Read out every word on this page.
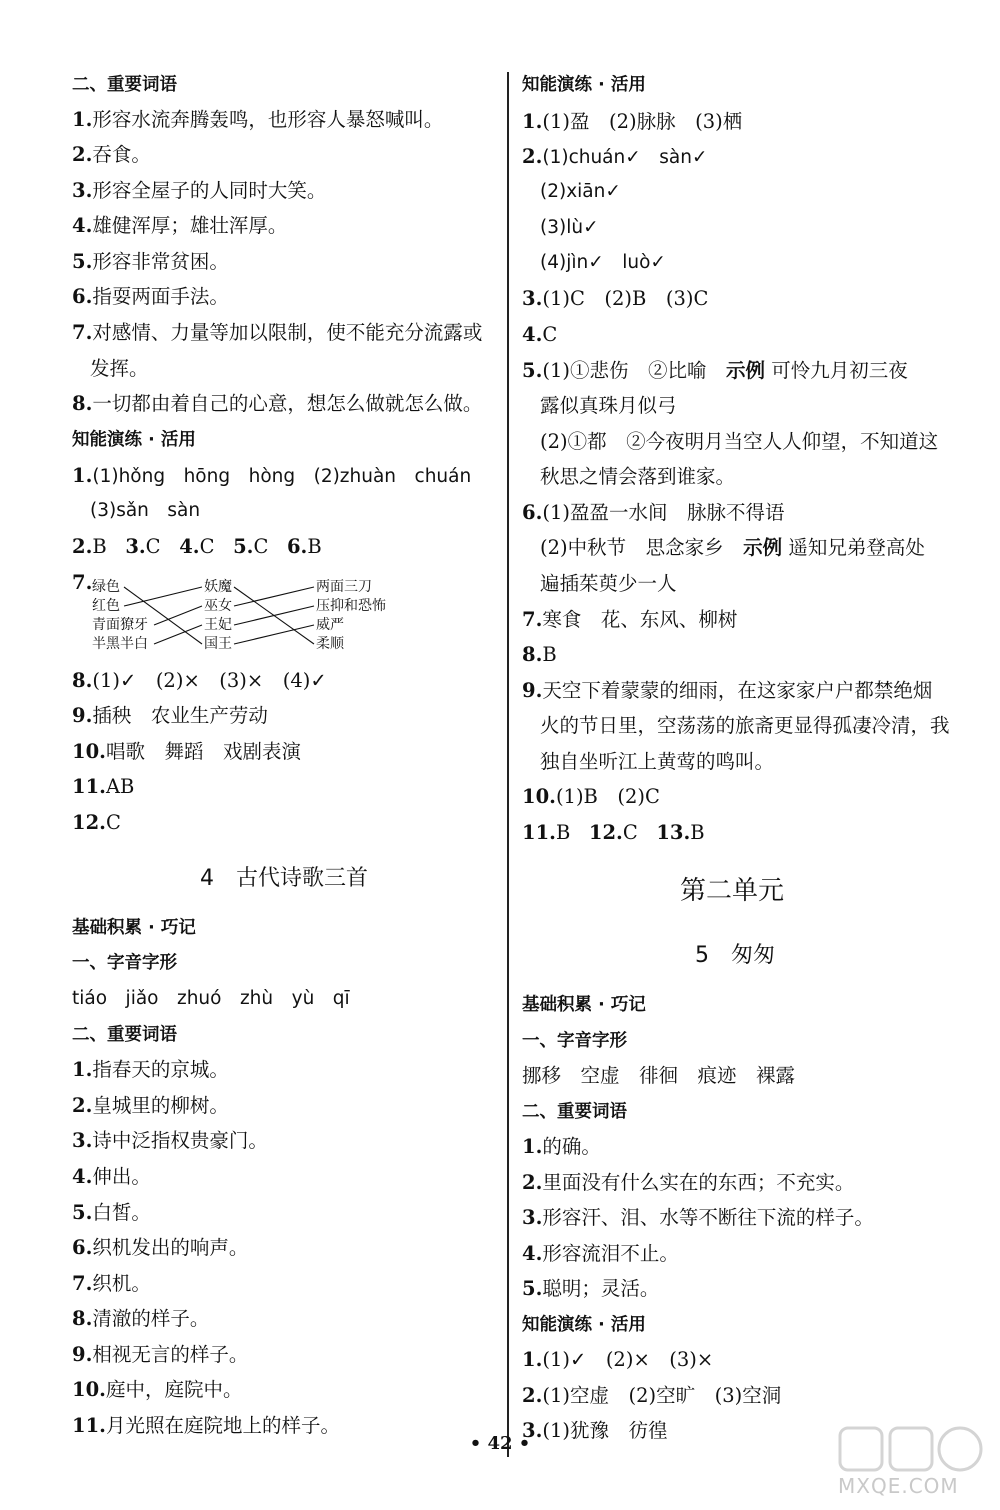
二、重要词语
1.形容水流奔腾轰鸣，也形容人暴怒喊叫。
2.吞食。
3.形容全屋子的人同时大笑。
4.雄健浑厚；雄壮浑厚。
5.形容非常贫困。
6.指耍两面手法。
7.对感情、力量等加以限制，使不能充分流露或
发挥。
8.一切都由着自己的心意，想怎么做就怎么做。
知能演练 · 活用
1.(1)hǒng　hōng　hòng　(2)zhuàn　chuán
(3)sǎn　sàn
2.B 3.C 4.C 5.C 6.B
7. 绿色
红色
青面獠牙
半黑半白
妖魔
巫女
王妃
国王
两面三刀
压抑和恐怖
威严
柔顺
8.(1)✓　(2)×　(3)×　(4)✓
9.插秧　农业生产劳动
10.唱歌　舞蹈　戏剧表演
11.AB
12.C
4　古代诗歌三首
基础积累 · 巧记
一、字音字形
tiáo　jiǎo　zhuó　zhù　yù　qī
二、重要词语
1.指春天的京城。
2.皇城里的柳树。
3.诗中泛指权贵豪门。
4.伸出。
5.白皙。
6.织机发出的响声。
7.织机。
8.清澈的样子。
9.相视无言的样子。
10.庭中，庭院中。
11.月光照在庭院地上的样子。
知能演练 · 活用
1.(1)盈　(2)脉脉　(3)栖
2.(1)chuán✓　sàn✓
(2)xiān✓
(3)lù✓
(4)jìn✓　luò✓
3.(1)C　(2)B　(3)C
4.C
5.(1)①悲伤　②比喻　示例 可怜九月初三夜
露似真珠月似弓
(2)①都　②今夜明月当空人人仰望，不知道这
秋思之情会落到谁家。
6.(1)盈盈一水间　脉脉不得语
(2)中秋节　思念家乡　示例 遥知兄弟登高处
遍插茱萸少一人
7.寒食　花、东风、柳树
8.B
9.天空下着蒙蒙的细雨，在这家家户户都禁绝烟
火的节日里，空荡荡的旅斋更显得孤凄冷清，我
独自坐听江上黄莺的鸣叫。
10.(1)B　(2)C
11.B 12.C 13.B
第二单元
5　匆匆
基础积累 · 巧记
一、字音字形
挪移　空虚　徘徊　痕迹　裸露
二、重要词语
1.的确。
2.里面没有什么实在的东西；不充实。
3.形容汗、泪、水等不断往下流的样子。
4.形容流泪不止。
5.聪明；灵活。
知能演练 · 活用
1.(1)✓　(2)×　(3)×
2.(1)空虚　(2)空旷　(3)空洞
3.(1)犹豫　彷徨
• 42 •
MXQE.COM
